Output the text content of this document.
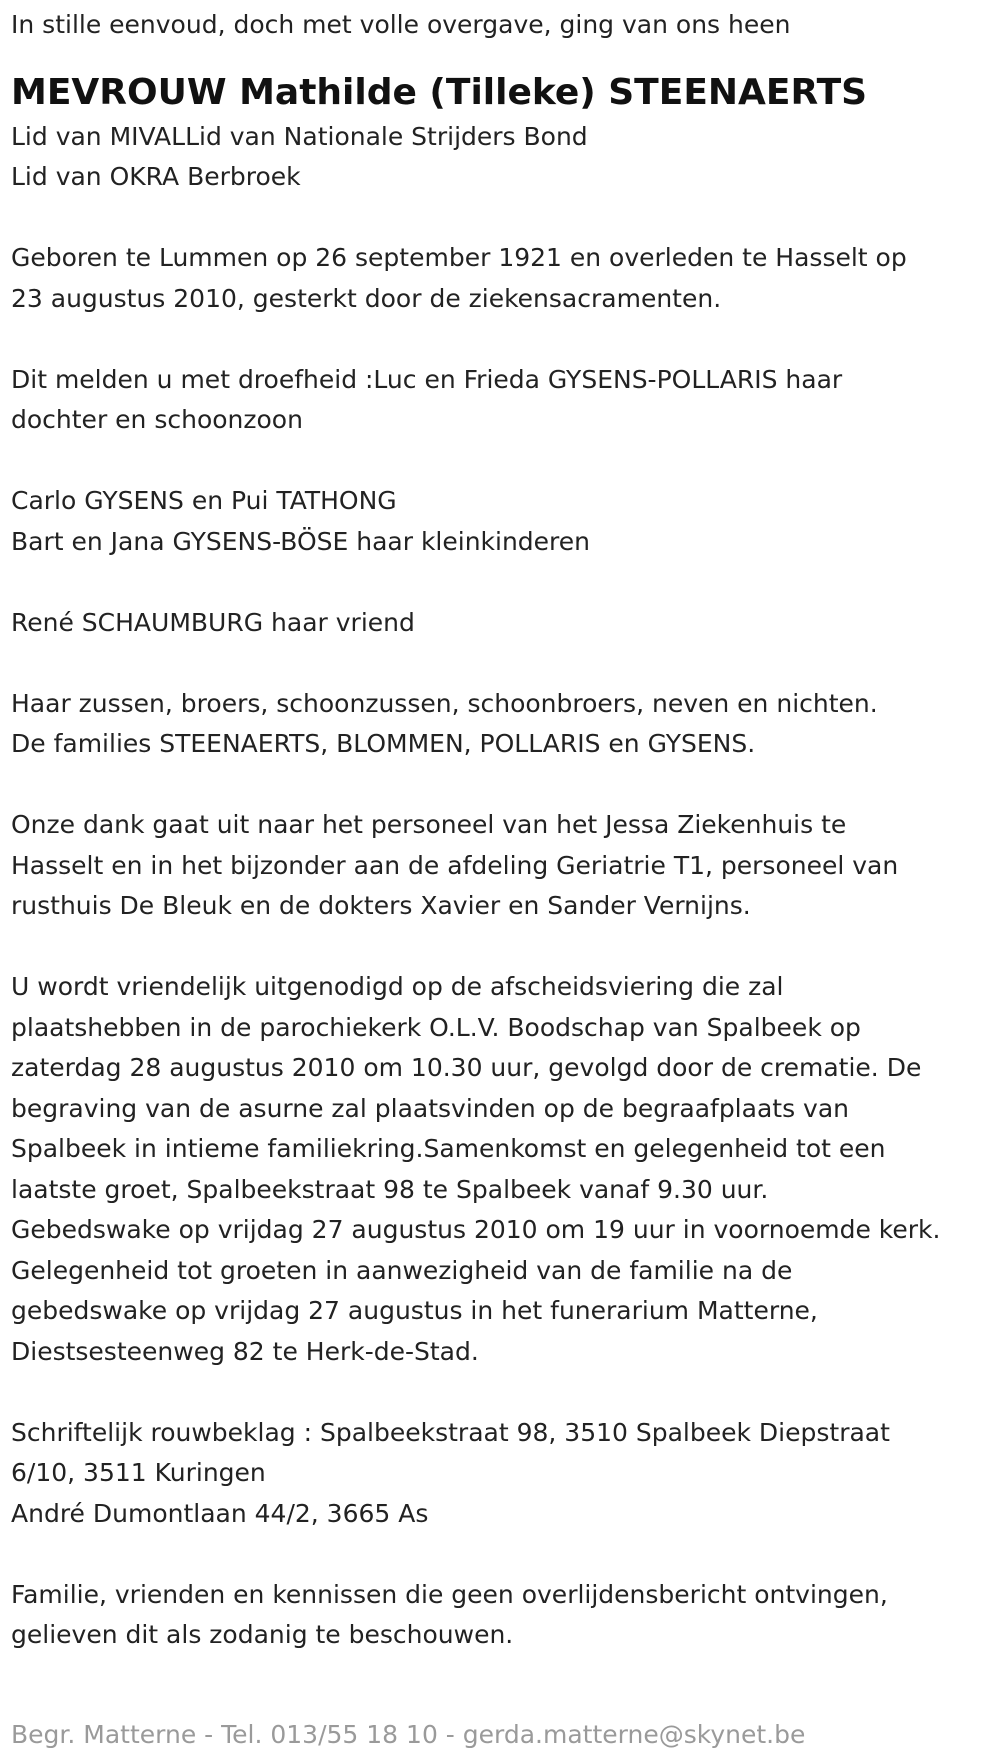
In stille eenvoud, doch met volle overgave, ging van ons heen

MEVROUW Mathilde (Tilleke) STEENAERTS

Lid van MIVALLid van Nationale Strijders Bond

Lid van OKRA Berbroek

Geboren te Lummen op 26 september 1921 en overleden te Hasselt op

23 augustus 2010, gesterkt door de ziekensacramenten.

Dit melden u met droefheid :Luc en Frieda GYSENS-POLLARIS haar

dochter en schoonzoon

Carlo GYSENS en Pui TATHONG

Bart en Jana GYSENS-BÖSE haar kleinkinderen

René SCHAUMBURG haar vriend

Haar zussen, broers, schoonzussen, schoonbroers, neven en nichten.

De families STEENAERTS, BLOMMEN, POLLARIS en GYSENS.

Onze dank gaat uit naar het personeel van het Jessa Ziekenhuis te

Hasselt en in het bijzonder aan de afdeling Geriatrie T1, personeel van

rusthuis De Bleuk en de dokters Xavier en Sander Vernijns.

U wordt vriendelijk uitgenodigd op de afscheidsviering die zal

plaatshebben in de parochiekerk O.L.V. Boodschap van Spalbeek op

zaterdag 28 augustus 2010 om 10.30 uur, gevolgd door de crematie. De

begraving van de asurne zal plaatsvinden op de begraafplaats van

Spalbeek in intieme familiekring.Samenkomst en gelegenheid tot een

laatste groet, Spalbeekstraat 98 te Spalbeek vanaf 9.30 uur.

Gebedswake op vrijdag 27 augustus 2010 om 19 uur in voornoemde kerk.

Gelegenheid tot groeten in aanwezigheid van de familie na de

gebedswake op vrijdag 27 augustus in het funerarium Matterne,

Diestsesteenweg 82 te Herk-de-Stad.

Schriftelijk rouwbeklag : Spalbeekstraat 98, 3510 Spalbeek Diepstraat

6/10, 3511 Kuringen

André Dumontlaan 44/2, 3665 As

Familie, vrienden en kennissen die geen overlijdensbericht ontvingen,

gelieven dit als zodanig te beschouwen.

Begr. Matterne - Tel. 013/55 18 10 - gerda.matterne@skynet.be
